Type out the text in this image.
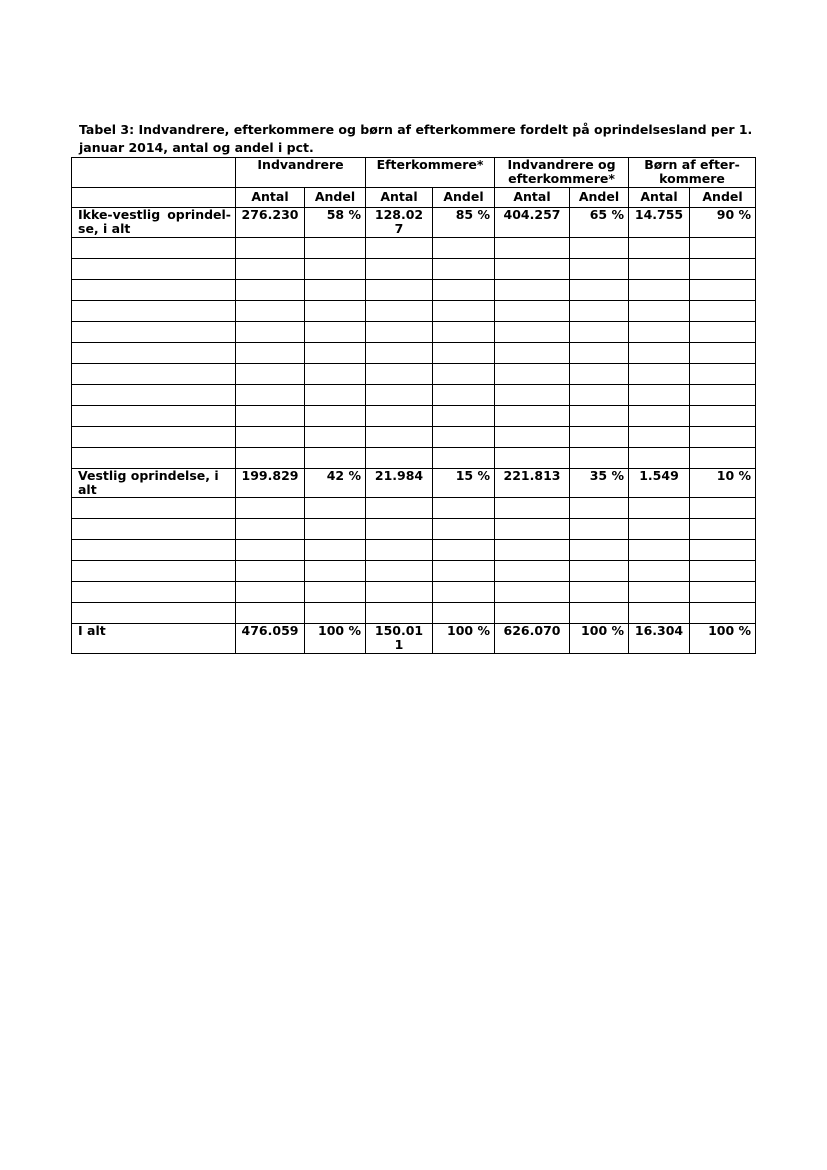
Tabel 3: Indvandrere, efterkommere og børn af efterkommere fordelt på oprindelsesland per 1.
januar 2014, antal og andel i pct.
	Indvandrere		Efterkommere*		Indvandrere og efterkommere*		Børn af efter- kommere	
	Antal	Andel	Antal	Andel	Antal	Andel	Antal	Andel
Ikke-vestlig oprindel- se, i alt	276.230	58 %	128.02 7	85 %	404.257	65 %	14.755	90 %

Vestlig oprindelse, i alt	199.829	42 %	21.984	15 %	221.813	35 %	1.549	10 %

I alt	476.059	100 %	150.01 1	100 %	626.070	100 %	16.304	100 %
